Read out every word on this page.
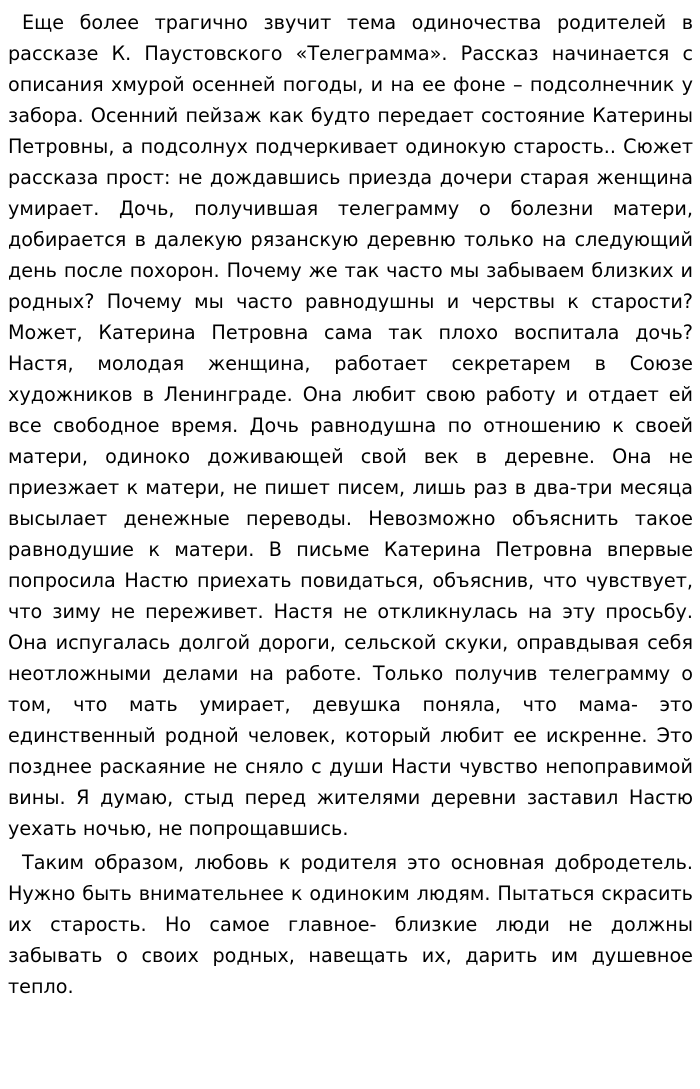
Еще более трагично звучит тема одиночества родителей в рассказе К. Паустовского «Телеграмма». Рассказ начинается с описания хмурой осенней погоды, и на ее фоне – подсолнечник у забора. Осенний пейзаж как будто передает состояние Катерины Петровны, а подсолнух подчеркивает одинокую старость.. Сюжет рассказа прост: не дождавшись приезда дочери старая женщина умирает. Дочь, получившая телеграмму о болезни матери, добирается в далекую рязанскую деревню только на следующий день после похорон. Почему же так часто мы забываем близких и родных? Почему мы часто равнодушны и черствы к старости? Может, Катерина Петровна сама так плохо воспитала дочь? Настя, молодая женщина, работает секретарем в Союзе художников в Ленинграде. Она любит свою работу и отдает ей все свободное время. Дочь равнодушна по отношению к своей матери, одиноко доживающей свой век в деревне. Она не приезжает к матери, не пишет писем, лишь раз в два-три месяца высылает денежные переводы. Невозможно объяснить такое равнодушие к матери. В письме Катерина Петровна впервые попросила Настю приехать повидаться, объяснив, что чувствует, что зиму не переживет. Настя не откликнулась на эту просьбу. Она испугалась долгой дороги, сельской скуки, оправдывая себя неотложными делами на работе. Только получив телеграмму о том, что мать умирает, девушка поняла, что мама- это единственный родной человек, который любит ее искренне. Это позднее раскаяние не сняло с души Насти чувство непоправимой вины. Я думаю, стыд перед жителями деревни заставил Настю уехать ночью, не попрощавшись.

Таким образом, любовь к родителя это основная добродетель. Нужно быть внимательнее к одиноким людям. Пытаться скрасить их старость. Но самое главное- близкие люди не должны забывать о своих родных, навещать их, дарить им душевное тепло.
